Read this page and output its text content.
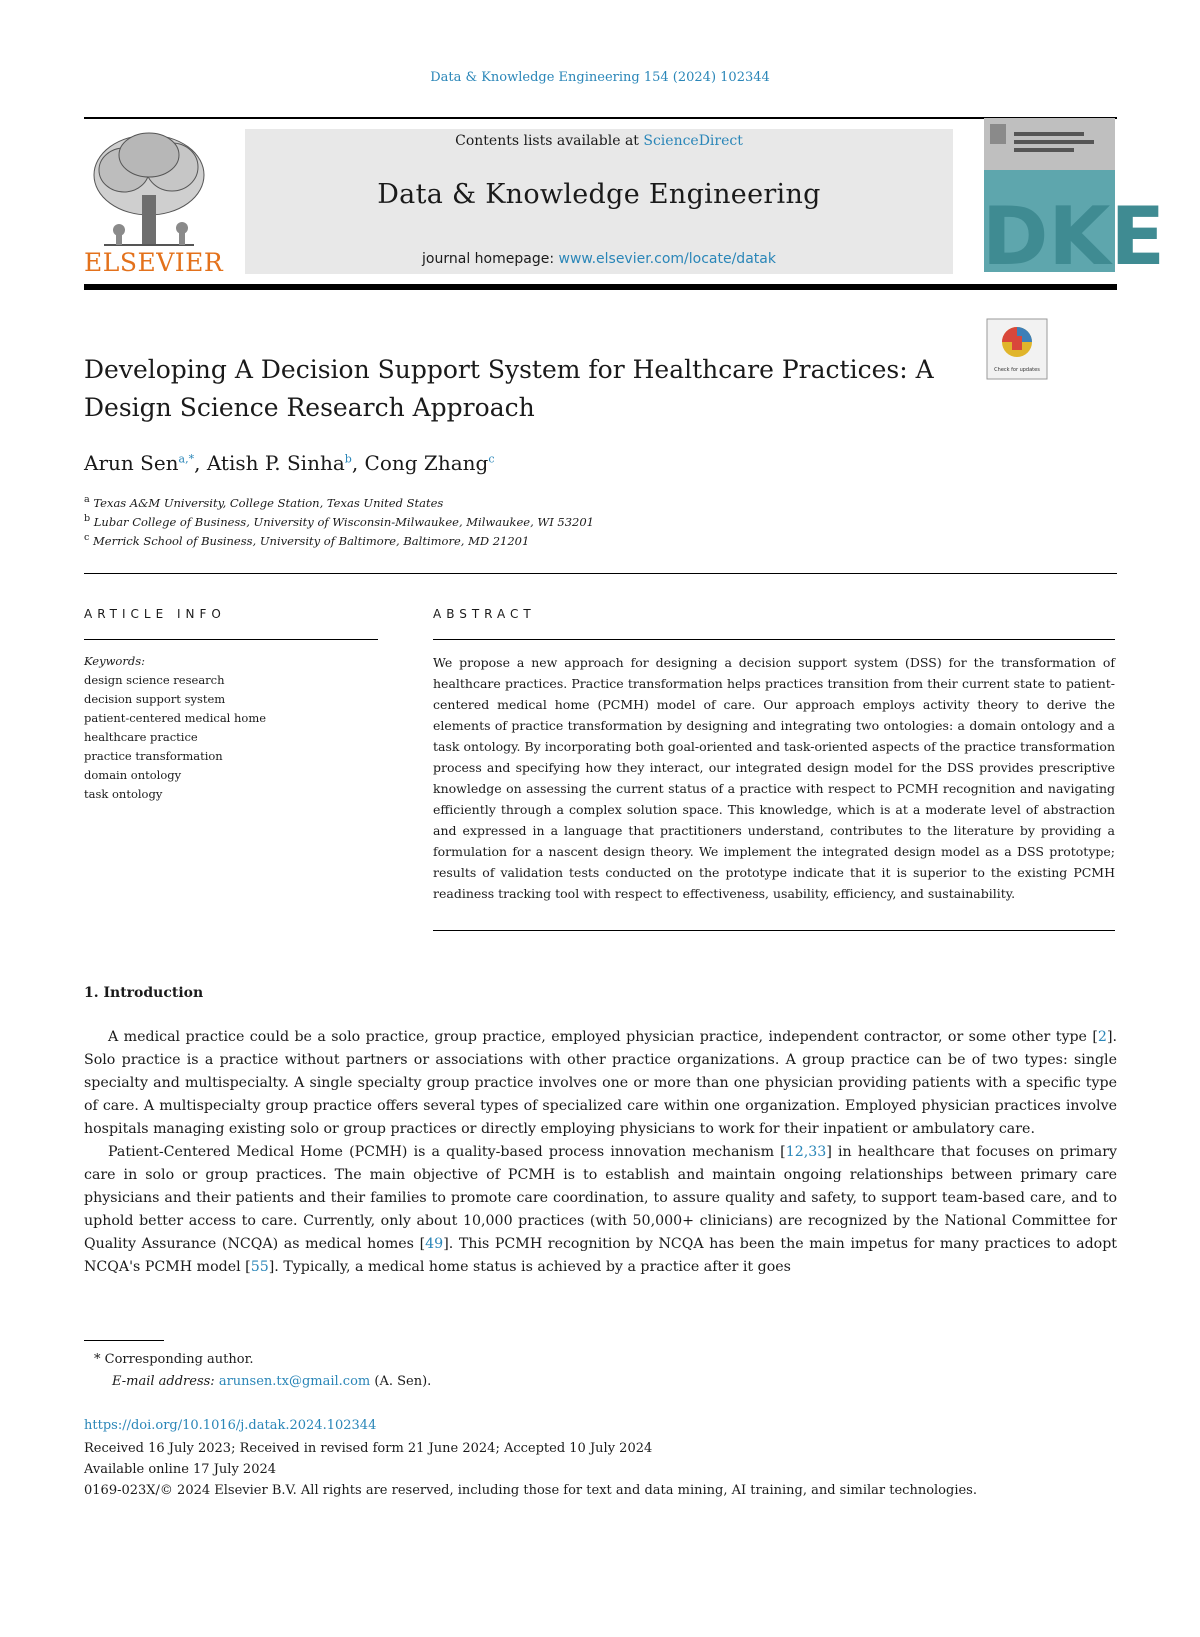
Data & Knowledge Engineering 154 (2024) 102344
ELSEVIER
Contents lists available at ScienceDirect
Data & Knowledge Engineering
journal homepage: www.elsevier.com/locate/datak	DKE
Check for updates
Developing A Decision Support System for Healthcare Practices: A Design Science Research Approach
Arun Sen$^{a,*}$, Atish P. Sinha$^b$, Cong Zhang$^c$
$^a$ Texas A&M University, College Station, Texas United States
$^b$ Lubar College of Business, University of Wisconsin-Milwaukee, Milwaukee, WI 53201
$^c$ Merrick School of Business, University of Baltimore, Baltimore, MD 21201
ARTICLE INFO
Keywords:
design science research
decision support system
patient-centered medical home
healthcare practice
practice transformation
domain ontology
task ontology
ABSTRACT
We propose a new approach for designing a decision support system (DSS) for the transformation of healthcare practices. Practice transformation helps practices transition from their current state to patient-centered medical home (PCMH) model of care. Our approach employs activity theory to derive the elements of practice transformation by designing and integrating two ontologies: a domain ontology and a task ontology. By incorporating both goal-oriented and task-oriented aspects of the practice transformation process and specifying how they interact, our integrated design model for the DSS provides prescriptive knowledge on assessing the current status of a practice with respect to PCMH recognition and navigating efficiently through a complex solution space. This knowledge, which is at a moderate level of abstraction and expressed in a language that practitioners understand, contributes to the literature by providing a formulation for a nascent design theory. We implement the integrated design model as a DSS prototype; results of validation tests conducted on the prototype indicate that it is superior to the existing PCMH readiness tracking tool with respect to effectiveness, usability, efficiency, and sustainability.
1. Introduction

A medical practice could be a solo practice, group practice, employed physician practice, independent contractor, or some other type [2]. Solo practice is a practice without partners or associations with other practice organizations. A group practice can be of two types: single specialty and multispecialty. A single specialty group practice involves one or more than one physician providing patients with a specific type of care. A multispecialty group practice offers several types of specialized care within one organization. Employed physician practices involve hospitals managing existing solo or group practices or directly employing physicians to work for their inpatient or ambulatory care.

Patient-Centered Medical Home (PCMH) is a quality-based process innovation mechanism [12,33] in healthcare that focuses on primary care in solo or group practices. The main objective of PCMH is to establish and maintain ongoing relationships between primary care physicians and their patients and their families to promote care coordination, to assure quality and safety, to support team-based care, and to uphold better access to care. Currently, only about 10,000 practices (with 50,000+ clinicians) are recognized by the National Committee for Quality Assurance (NCQA) as medical homes [49]. This PCMH recognition by NCQA has been the main impetus for many practices to adopt NCQA's PCMH model [55]. Typically, a medical home status is achieved by a practice after it goes

* Corresponding author.
E-mail address: arunsen.tx@gmail.com (A. Sen).
https://doi.org/10.1016/j.datak.2024.102344
Received 16 July 2023; Received in revised form 21 June 2024; Accepted 10 July 2024
Available online 17 July 2024
0169-023X/© 2024 Elsevier B.V. All rights are reserved, including those for text and data mining, AI training, and similar technologies.
